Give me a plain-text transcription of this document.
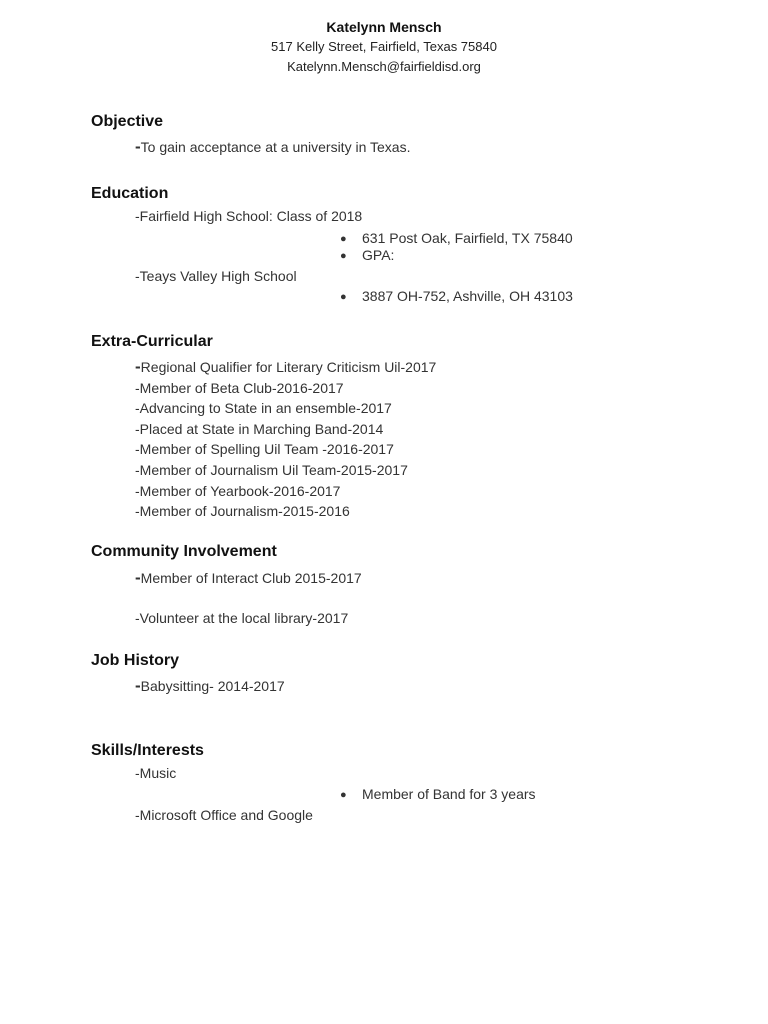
Katelynn Mensch
517 Kelly Street, Fairfield, Texas 75840
Katelynn.Mensch@fairfieldisd.org
Objective
-To gain acceptance at a university in Texas.
Education
-Fairfield High School: Class of 2018
● 631 Post Oak, Fairfield, TX 75840
● GPA:
-Teays Valley High School
● 3887 OH-752, Ashville, OH 43103
Extra-Curricular
-Regional Qualifier for Literary Criticism Uil-2017
-Member of Beta Club-2016-2017
-Advancing to State in an ensemble-2017
-Placed at State in Marching Band-2014
-Member of Spelling Uil Team -2016-2017
-Member of Journalism Uil Team-2015-2017
-Member of Yearbook-2016-2017
-Member of Journalism-2015-2016
Community Involvement
-Member of Interact Club 2015-2017
-Volunteer at the local library-2017
Job History
-Babysitting- 2014-2017
Skills/Interests
-Music
● Member of Band for 3 years
-Microsoft Office and Google
